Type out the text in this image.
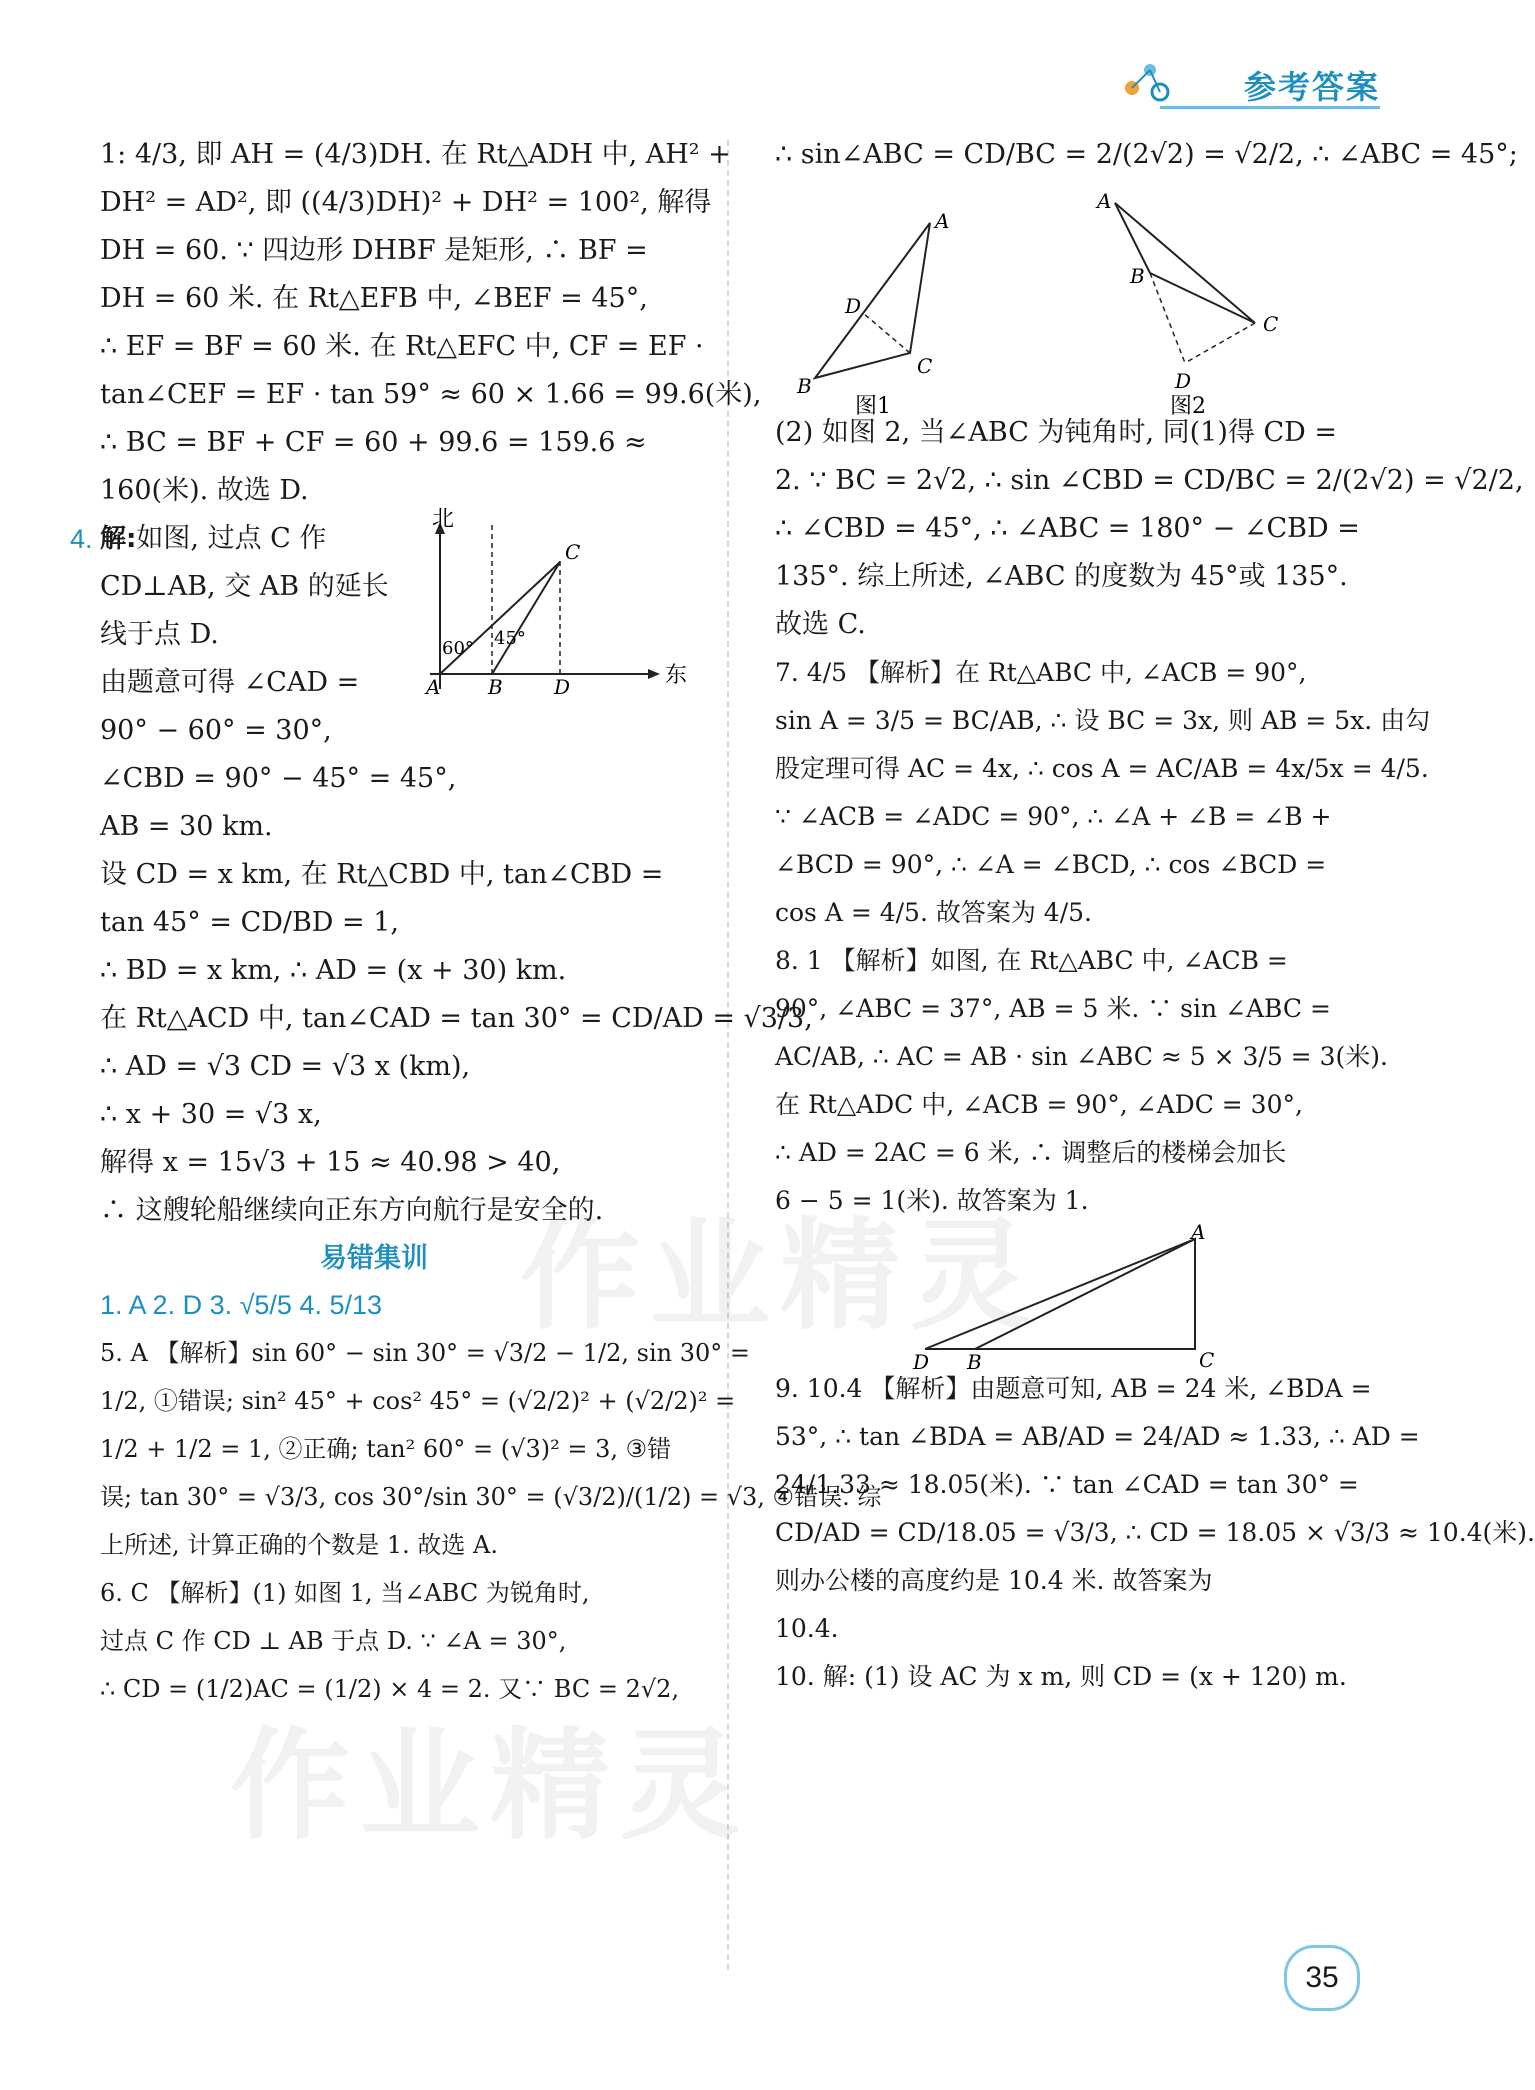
参考答案
1: 4/3, 即 AH = (4/3)DH. 在 Rt△ADH 中, AH² +
DH² = AD², 即 ((4/3)DH)² + DH² = 100², 解得
DH = 60. ∵ 四边形 DHBF 是矩形, ∴ BF =
DH = 60 米. 在 Rt△EFB 中, ∠BEF = 45°,
∴ EF = BF = 60 米. 在 Rt△EFC 中, CF = EF ·
tan∠CEF = EF · tan 59° ≈ 60 × 1.66 = 99.6(米),
∴ BC = BF + CF = 60 + 99.6 = 159.6 ≈
160(米). 故选 D.
4. 解:如图, 过点 C 作
CD⊥AB, 交 AB 的延长
线于点 D.
由题意可得 ∠CAD =
90° − 60° = 30°,
北
东
A B
C
D
60° 45°
∠CBD = 90° − 45° = 45°,
AB = 30 km.
设 CD = x km, 在 Rt△CBD 中, tan∠CBD =
tan 45° = CD/BD = 1,
∴ BD = x km, ∴ AD = (x + 30) km.
在 Rt△ACD 中, tan∠CAD = tan 30° = CD/AD = √3/3,
∴ AD = √3 CD = √3 x (km),
∴ x + 30 = √3 x,
解得 x = 15√3 + 15 ≈ 40.98 > 40,
∴ 这艘轮船继续向正东方向航行是安全的.
易错集训
1. A 2. D 3. √5/5 4. 5/13
5. A 【解析】sin 60° − sin 30° = √3/2 − 1/2, sin 30° =
1/2, ①错误; sin² 45° + cos² 45° = (√2/2)² + (√2/2)² =
1/2 + 1/2 = 1, ②正确; tan² 60° = (√3)² = 3, ③错
误; tan 30° = √3/3, cos 30°/sin 30° = (√3/2)/(1/2) = √3, ④错误. 综
上所述, 计算正确的个数是 1. 故选 A.
6. C 【解析】(1) 如图 1, 当∠ABC 为锐角时,
过点 C 作 CD ⊥ AB 于点 D. ∵ ∠A = 30°,
∴ CD = (1/2)AC = (1/2) × 4 = 2. 又∵ BC = 2√2,
∴ sin∠ABC = CD/BC = 2/(2√2) = √2/2, ∴ ∠ABC = 45°;
A
B
C
D
图1
A
B
C
D
图2
(2) 如图 2, 当∠ABC 为钝角时, 同(1)得 CD =
2. ∵ BC = 2√2, ∴ sin ∠CBD = CD/BC = 2/(2√2) = √2/2,
∴ ∠CBD = 45°, ∴ ∠ABC = 180° − ∠CBD =
135°. 综上所述, ∠ABC 的度数为 45°或 135°.
故选 C.
7. 4/5 【解析】在 Rt△ABC 中, ∠ACB = 90°,
sin A = 3/5 = BC/AB, ∴ 设 BC = 3x, 则 AB = 5x. 由勾
股定理可得 AC = 4x, ∴ cos A = AC/AB = 4x/5x = 4/5.
∵ ∠ACB = ∠ADC = 90°, ∴ ∠A + ∠B = ∠B +
∠BCD = 90°, ∴ ∠A = ∠BCD, ∴ cos ∠BCD =
cos A = 4/5. 故答案为 4/5.
8. 1 【解析】如图, 在 Rt△ABC 中, ∠ACB =
90°, ∠ABC = 37°, AB = 5 米. ∵ sin ∠ABC =
AC/AB, ∴ AC = AB · sin ∠ABC ≈ 5 × 3/5 = 3(米).
在 Rt△ADC 中, ∠ACB = 90°, ∠ADC = 30°,
∴ AD = 2AC = 6 米, ∴ 调整后的楼梯会加长
6 − 5 = 1(米). 故答案为 1.
A
D B	C
9. 10.4 【解析】由题意可知, AB = 24 米, ∠BDA =
53°, ∴ tan ∠BDA = AB/AD = 24/AD ≈ 1.33, ∴ AD =
24/1.33 ≈ 18.05(米). ∵ tan ∠CAD = tan 30° =
CD/AD = CD/18.05 = √3/3, ∴ CD = 18.05 × √3/3 ≈ 10.4(米).
则办公楼的高度约是 10.4 米. 故答案为
10.4.
10. 解: (1) 设 AC 为 x m, 则 CD = (x + 120) m.
作业精灵
作业精灵
35
